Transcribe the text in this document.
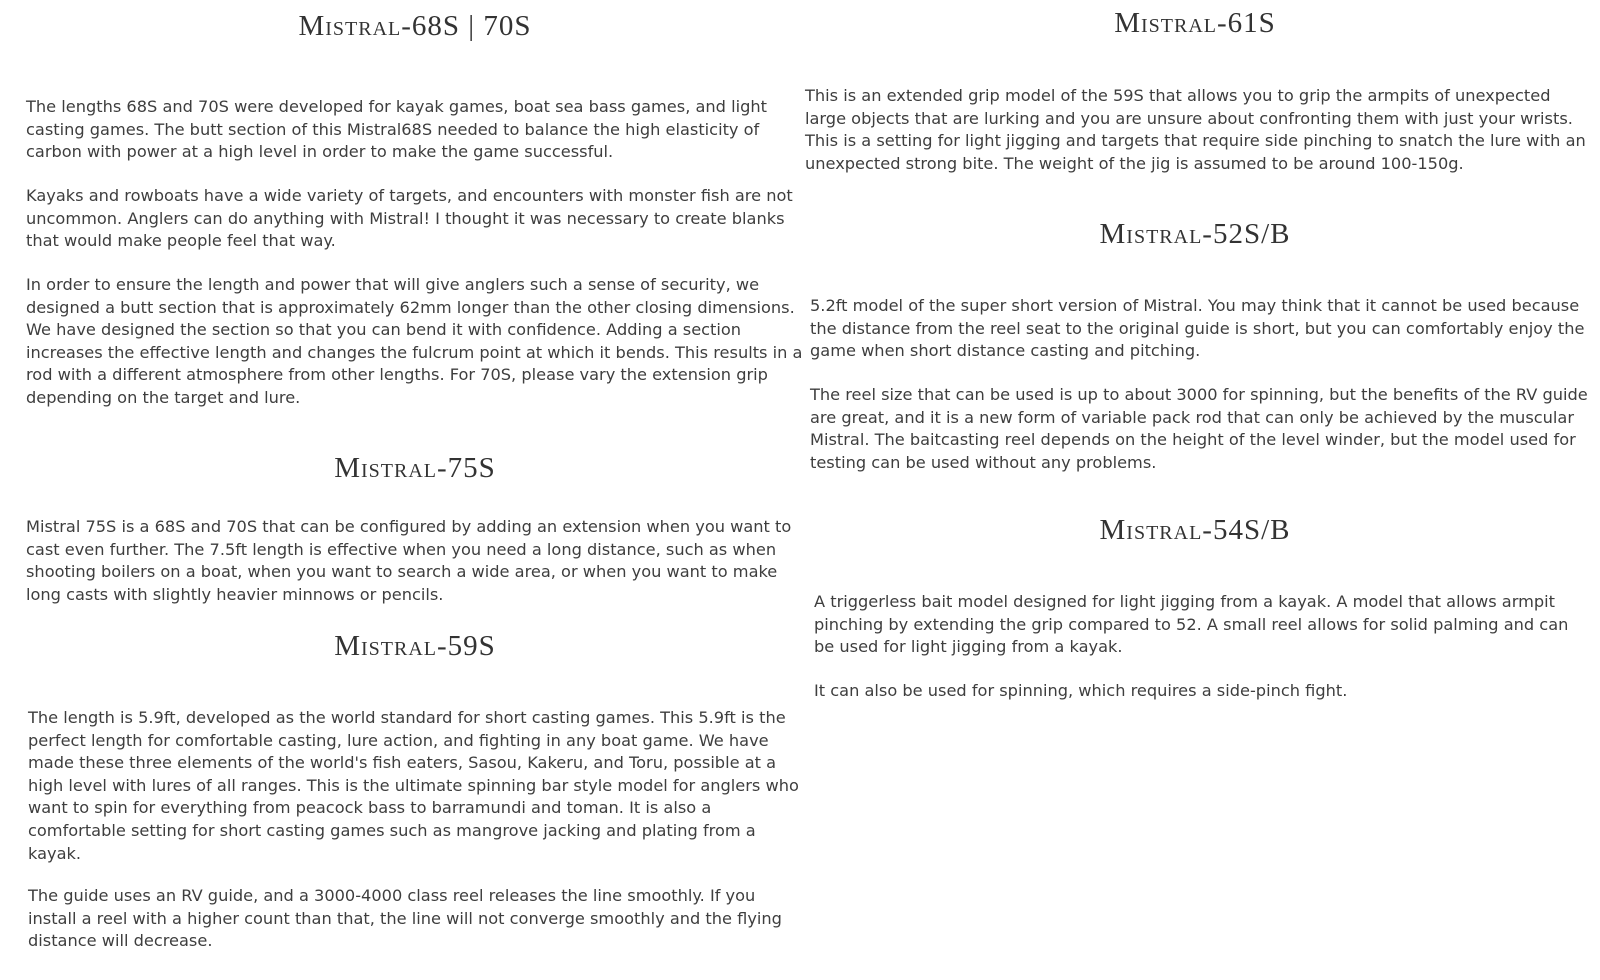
Mistral-68S | 70S

The lengths 68S and 70S were developed for kayak games, boat sea bass games, and light casting games. The butt section of this Mistral68S needed to balance the high elasticity of carbon with power at a high level in order to make the game successful.

Kayaks and rowboats have a wide variety of targets, and encounters with monster fish are not uncommon. Anglers can do anything with Mistral! I thought it was necessary to create blanks that would make people feel that way.

In order to ensure the length and power that will give anglers such a sense of security, we designed a butt section that is approximately 62mm longer than the other closing dimensions. We have designed the section so that you can bend it with confidence. Adding a section increases the effective length and changes the fulcrum point at which it bends. This results in a rod with a different atmosphere from other lengths. For 70S, please vary the extension grip depending on the target and lure.

Mistral-75S

Mistral 75S is a 68S and 70S that can be configured by adding an extension when you want to cast even further. The 7.5ft length is effective when you need a long distance, such as when shooting boilers on a boat, when you want to search a wide area, or when you want to make long casts with slightly heavier minnows or pencils.

Mistral-59S

The length is 5.9ft, developed as the world standard for short casting games. This 5.9ft is the perfect length for comfortable casting, lure action, and fighting in any boat game. We have made these three elements of the world's fish eaters, Sasou, Kakeru, and Toru, possible at a high level with lures of all ranges. This is the ultimate spinning bar style model for anglers who want to spin for everything from peacock bass to barramundi and toman. It is also a comfortable setting for short casting games such as mangrove jacking and plating from a kayak.

The guide uses an RV guide, and a 3000-4000 class reel releases the line smoothly. If you install a reel with a higher count than that, the line will not converge smoothly and the flying distance will decrease.

Mistral-61S

This is an extended grip model of the 59S that allows you to grip the armpits of unexpected large objects that are lurking and you are unsure about confronting them with just your wrists. This is a setting for light jigging and targets that require side pinching to snatch the lure with an unexpected strong bite. The weight of the jig is assumed to be around 100-150g.

Mistral-52S/B

5.2ft model of the super short version of Mistral. You may think that it cannot be used because the distance from the reel seat to the original guide is short, but you can comfortably enjoy the game when short distance casting and pitching.

The reel size that can be used is up to about 3000 for spinning, but the benefits of the RV guide are great, and it is a new form of variable pack rod that can only be achieved by the muscular Mistral. The baitcasting reel depends on the height of the level winder, but the model used for testing can be used without any problems.

Mistral-54S/B

A triggerless bait model designed for light jigging from a kayak. A model that allows armpit pinching by extending the grip compared to 52. A small reel allows for solid palming and can be used for light jigging from a kayak.

It can also be used for spinning, which requires a side-pinch fight.
